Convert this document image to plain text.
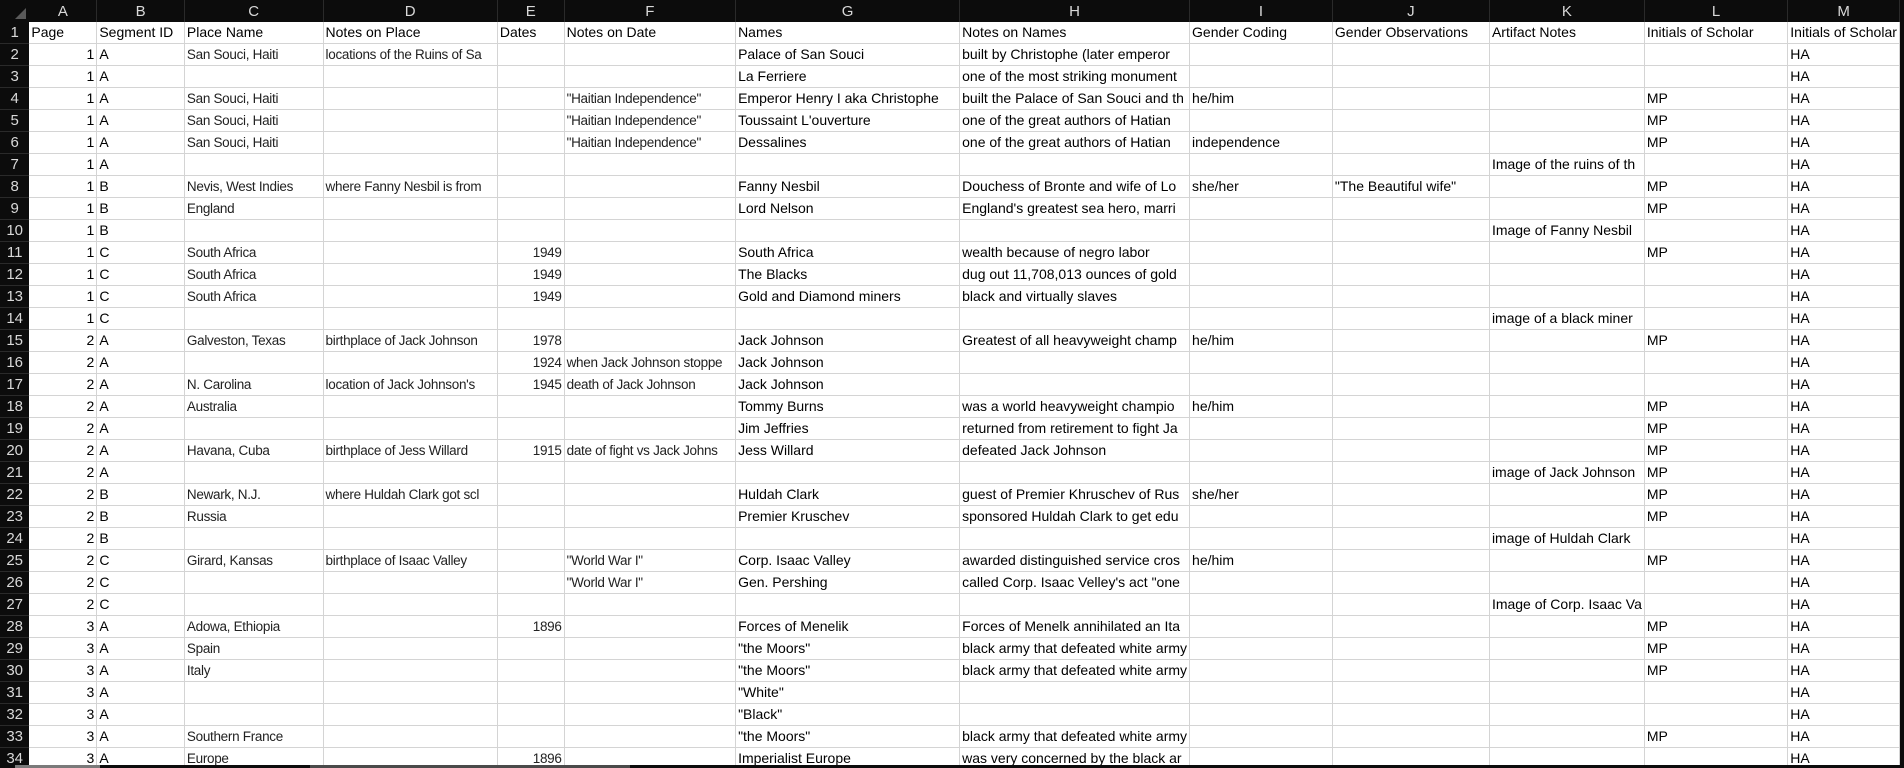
	A	B	C	D	E	F	G	H	I	J	K	L	M
1	Page	Segment ID	Place Name	Notes on Place	Dates	Notes on Date	Names	Notes on Names	Gender Coding	Gender Observations	Artifact Notes	Initials of Scholar	Initials of Scholar
2	1	A	San Souci, Haiti	locations of the Ruins of Sa			Palace of San Souci	built by Christophe (later emperor					HA
3	1	A					La Ferriere	one of the most striking monument					HA
4	1	A	San Souci, Haiti			"Haitian Independence"	Emperor Henry I aka Christophe	built the Palace of San Souci and th	he/him			MP	HA
5	1	A	San Souci, Haiti			"Haitian Independence"	Toussaint L'ouverture	one of the great authors of Hatian				MP	HA
6	1	A	San Souci, Haiti			"Haitian Independence"	Dessalines	one of the great authors of Hatian	independence			MP	HA
7	1	A									Image of the ruins of th		HA
8	1	B	Nevis, West Indies	where Fanny Nesbil is from			Fanny Nesbil	Douchess of Bronte and wife of Lo	she/her	"The Beautiful wife"		MP	HA
9	1	B	England				Lord Nelson	England's greatest sea hero, marri				MP	HA
10	1	B									Image of Fanny Nesbil		HA
11	1	C	South Africa		1949		South Africa	wealth because of negro labor				MP	HA
12	1	C	South Africa		1949		The Blacks	dug out 11,708,013 ounces of gold					HA
13	1	C	South Africa		1949		Gold and Diamond miners	black and virtually slaves					HA
14	1	C									image of a black miner		HA
15	2	A	Galveston, Texas	birthplace of Jack Johnson	1978		Jack Johnson	Greatest of all heavyweight champ	he/him			MP	HA
16	2	A			1924	when Jack Johnson stoppe	Jack Johnson						HA
17	2	A	N. Carolina	location of Jack Johnson's	1945	death of Jack Johnson	Jack Johnson						HA
18	2	A	Australia				Tommy Burns	was a world heavyweight champio	he/him			MP	HA
19	2	A					Jim Jeffries	returned from retirement to fight Ja				MP	HA
20	2	A	Havana, Cuba	birthplace of Jess Willard	1915	date of fight vs Jack Johns	Jess Willard	defeated Jack Johnson				MP	HA
21	2	A									image of Jack Johnson	MP	HA
22	2	B	Newark, N.J.	where Huldah Clark got scl			Huldah Clark	guest of Premier Khruschev of Rus	she/her			MP	HA
23	2	B	Russia				Premier Kruschev	sponsored Huldah Clark to get edu				MP	HA
24	2	B									image of Huldah Clark		HA
25	2	C	Girard, Kansas	birthplace of Isaac Valley		"World War I"	Corp. Isaac Valley	awarded distinguished service cros	he/him			MP	HA
26	2	C				"World War I"	Gen. Pershing	called Corp. Isaac Velley's act "one					HA
27	2	C									Image of Corp. Isaac Va		HA
28	3	A	Adowa, Ethiopia		1896		Forces of Menelik	Forces of Menelk annihilated an Ita				MP	HA
29	3	A	Spain				"the Moors"	black army that defeated white army				MP	HA
30	3	A	Italy				"the Moors"	black army that defeated white army				MP	HA
31	3	A					"White"						HA
32	3	A					"Black"						HA
33	3	A	Southern France				"the Moors"	black army that defeated white army				MP	HA
34	3	A	Europe		1896		Imperialist Europe	was very concerned by the black ar					HA
